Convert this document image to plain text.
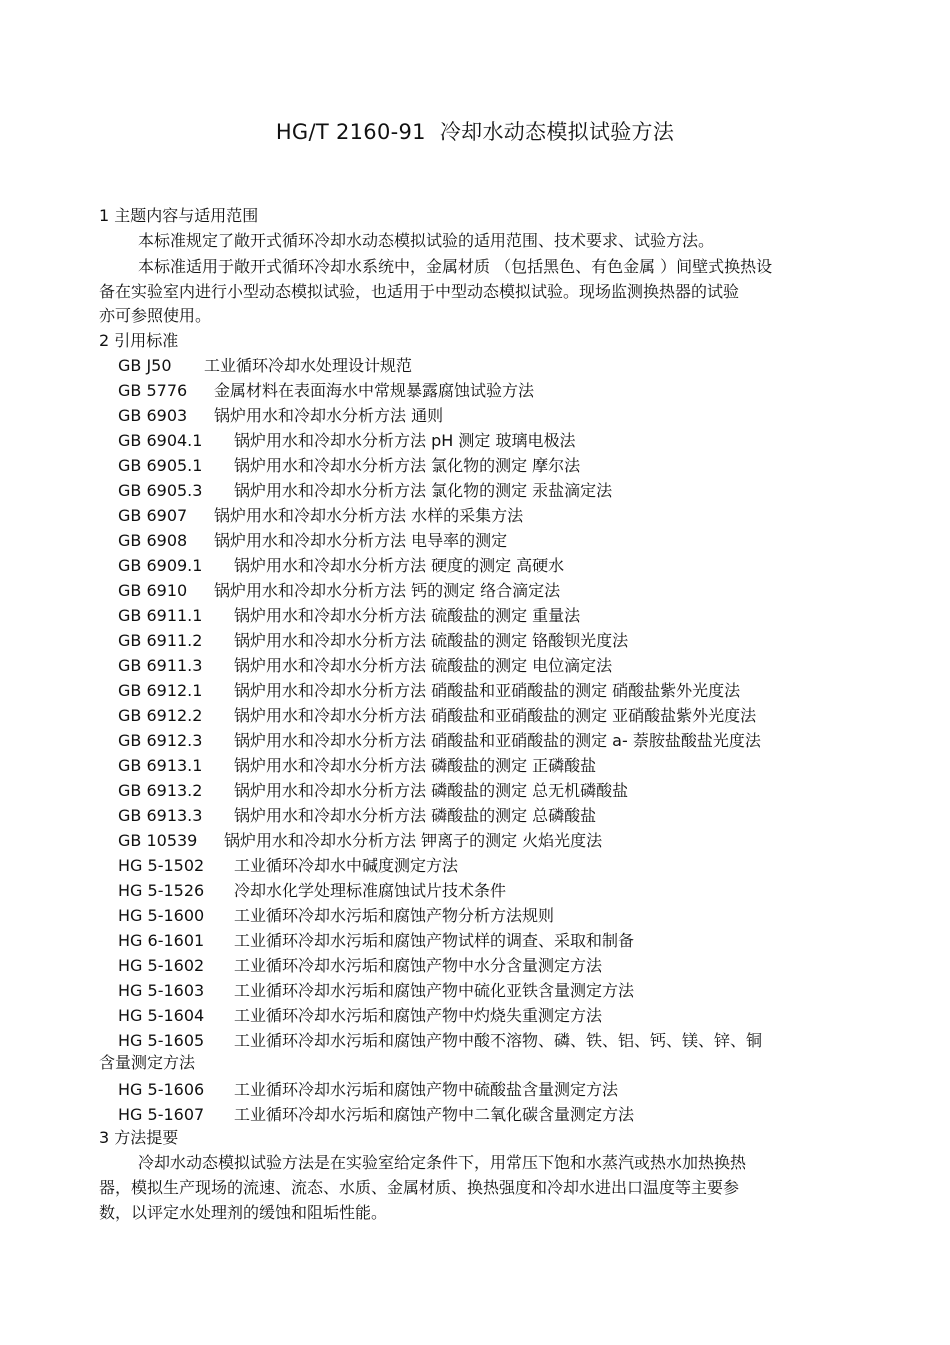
HG/T 2160-91 冷却水动态模拟试验方法
1 主题内容与适用范围
本标准规定了敞开式循环冷却水动态模拟试验的适用范围、技术要求、试验方法。
本标准适用于敞开式循环冷却水系统中，金属材质 （包括黑色、有色金属 ）间壁式换热设
备在实验室内进行小型动态模拟试验，也适用于中型动态模拟试验。现场监测换热器的试验
亦可参照使用。
2 引用标准
GB J50 工业循环冷却水处理设计规范
GB 5776 金属材料在表面海水中常规暴露腐蚀试验方法
GB 6903 锅炉用水和冷却水分析方法 通则
GB 6904.1 锅炉用水和冷却水分析方法 pH 测定 玻璃电极法
GB 6905.1 锅炉用水和冷却水分析方法 氯化物的测定 摩尔法
GB 6905.3 锅炉用水和冷却水分析方法 氯化物的测定 汞盐滴定法
GB 6907 锅炉用水和冷却水分析方法 水样的采集方法
GB 6908 锅炉用水和冷却水分析方法 电导率的测定
GB 6909.1 锅炉用水和冷却水分析方法 硬度的测定 高硬水
GB 6910 锅炉用水和冷却水分析方法 钙的测定 络合滴定法
GB 6911.1 锅炉用水和冷却水分析方法 硫酸盐的测定 重量法
GB 6911.2 锅炉用水和冷却水分析方法 硫酸盐的测定 铬酸钡光度法
GB 6911.3 锅炉用水和冷却水分析方法 硫酸盐的测定 电位滴定法
GB 6912.1 锅炉用水和冷却水分析方法 硝酸盐和亚硝酸盐的测定 硝酸盐紫外光度法
GB 6912.2 锅炉用水和冷却水分析方法 硝酸盐和亚硝酸盐的测定 亚硝酸盐紫外光度法
GB 6912.3 锅炉用水和冷却水分析方法 硝酸盐和亚硝酸盐的测定 a- 萘胺盐酸盐光度法
GB 6913.1 锅炉用水和冷却水分析方法 磷酸盐的测定 正磷酸盐
GB 6913.2 锅炉用水和冷却水分析方法 磷酸盐的测定 总无机磷酸盐
GB 6913.3 锅炉用水和冷却水分析方法 磷酸盐的测定 总磷酸盐
GB 10539 锅炉用水和冷却水分析方法 钾离子的测定 火焰光度法
HG 5-1502 工业循环冷却水中碱度测定方法
HG 5-1526 冷却水化学处理标准腐蚀试片技术条件
HG 5-1600 工业循环冷却水污垢和腐蚀产物分析方法规则
HG 6-1601 工业循环冷却水污垢和腐蚀产物试样的调查、采取和制备
HG 5-1602 工业循环冷却水污垢和腐蚀产物中水分含量测定方法
HG 5-1603 工业循环冷却水污垢和腐蚀产物中硫化亚铁含量测定方法
HG 5-1604 工业循环冷却水污垢和腐蚀产物中灼烧失重测定方法
HG 5-1605 工业循环冷却水污垢和腐蚀产物中酸不溶物、磷、铁、铝、钙、镁、锌、铜
HG 5-1606 工业循环冷却水污垢和腐蚀产物中硫酸盐含量测定方法
HG 5-1607 工业循环冷却水污垢和腐蚀产物中二氧化碳含量测定方法
含量测定方法
3 方法提要
冷却水动态模拟试验方法是在实验室给定条件下，用常压下饱和水蒸汽或热水加热换热
器，模拟生产现场的流速、流态、水质、金属材质、换热强度和冷却水进出口温度等主要参
数，以评定水处理剂的缓蚀和阻垢性能。
